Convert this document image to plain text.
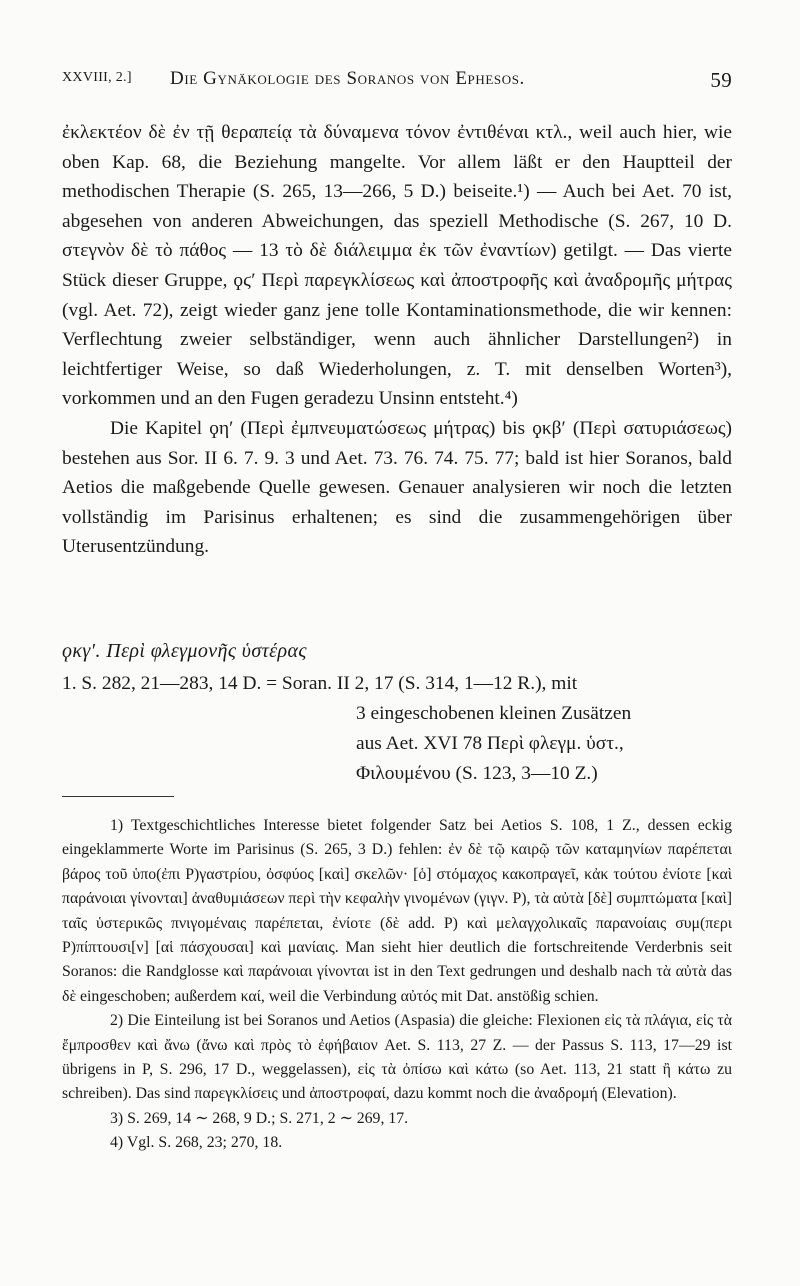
XXVIII, 2.] Die Gynäkologie des Soranos von Ephesos.	59

ἐκλεκτέον δὲ ἐν τῇ θεραπείᾳ τὰ δύναμενα τόνον ἐντιθέναι κτλ., weil auch hier, wie oben Kap. 68, die Beziehung mangelte. Vor allem läßt er den Hauptteil der methodischen Therapie (S. 265, 13—266, 5 D.) beiseite.¹) — Auch bei Aet. 70 ist, abgesehen von anderen Abweichungen, das speziell Methodische (S. 267, 10 D. στεγνὸν δὲ τὸ πάθος — 13 τὸ δὲ διάλειμμα ἐκ τῶν ἐναντίων) getilgt. — Das vierte Stück dieser Gruppe, ϙϛ′ Περὶ παρεγκλίσεως καὶ ἀποστροφῆς καὶ ἀναδρομῆς μήτρας (vgl. Aet. 72), zeigt wieder ganz jene tolle Kontaminationsmethode, die wir kennen: Verflechtung zweier selbständiger, wenn auch ähnlicher Darstellungen²) in leichtfertiger Weise, so daß Wiederholungen, z. T. mit denselben Worten³), vorkommen und an den Fugen geradezu Unsinn entsteht.⁴)

Die Kapitel ϙη′ (Περὶ ἐμπνευματώσεως μήτρας) bis ϙκβ′ (Περὶ σατυριάσεως) bestehen aus Sor. II 6. 7. 9. 3 und Aet. 73. 76. 74. 75. 77; bald ist hier Soranos, bald Aetios die maßgebende Quelle gewesen. Genauer analysieren wir noch die letzten vollständig im Parisinus erhaltenen; es sind die zusammengehörigen über Uterusentzündung.

ϙκγ′. Περὶ φλεγμονῆς ὑστέρας
1. S. 282, 21—283, 14 D. = Soran. II 2, 17 (S. 314, 1—12 R.), mit
3 eingeschobenen kleinen Zusätzen
aus Aet. XVI 78 Περὶ φλεγμ. ὑστ.,
Φιλουμένου (S. 123, 3—10 Z.)

1) Textgeschichtliches Interesse bietet folgender Satz bei Aetios S. 108, 1 Z., dessen eckig eingeklammerte Worte im Parisinus (S. 265, 3 D.) fehlen: ἐν δὲ τῷ καιρῷ τῶν καταμηνίων παρέπεται βάρος τοῦ ὑπο(ἐπι P)γαστρίου, ὀσφύος [καὶ] σκελῶν· [ὁ] στόμαχος κακοπραγεῖ, κἀκ τούτου ἐνίοτε [καὶ παράνοιαι γίνονται] ἀναθυμιάσεων περὶ τὴν κεφαλὴν γινομένων (γιγν. P), τὰ αὐτὰ [δὲ] συμπτώματα [καὶ] ταῖς ὑστερικῶς πνιγομέναις παρέπεται, ἐνίοτε (δὲ add. P) καὶ μελαγχολικαῖς παρανοίαις συμ(περι P)πίπτουσι[ν] [αἱ πάσχουσαι] καὶ μανίαις. Man sieht hier deutlich die fortschreitende Verderbnis seit Soranos: die Randglosse καὶ παράνοιαι γίνονται ist in den Text gedrungen und deshalb nach τὰ αὐτὰ das δὲ eingeschoben; außerdem καί, weil die Verbindung αὐτός mit Dat. anstößig schien.

2) Die Einteilung ist bei Soranos und Aetios (Aspasia) die gleiche: Flexionen εἰς τὰ πλάγια, εἰς τὰ ἔμπροσθεν καὶ ἄνω (ἄνω καὶ πρὸς τὸ ἐφήβαιον Aet. S. 113, 27 Z. — der Passus S. 113, 17—29 ist übrigens in P, S. 296, 17 D., weggelassen), εἰς τὰ ὀπίσω καὶ κάτω (so Aet. 113, 21 statt ἢ κάτω zu schreiben). Das sind παρεγκλίσεις und ἀποστροφαί, dazu kommt noch die ἀναδρομή (Elevation).

3) S. 269, 14 ∼ 268, 9 D.; S. 271, 2 ∼ 269, 17.

4) Vgl. S. 268, 23; 270, 18.
